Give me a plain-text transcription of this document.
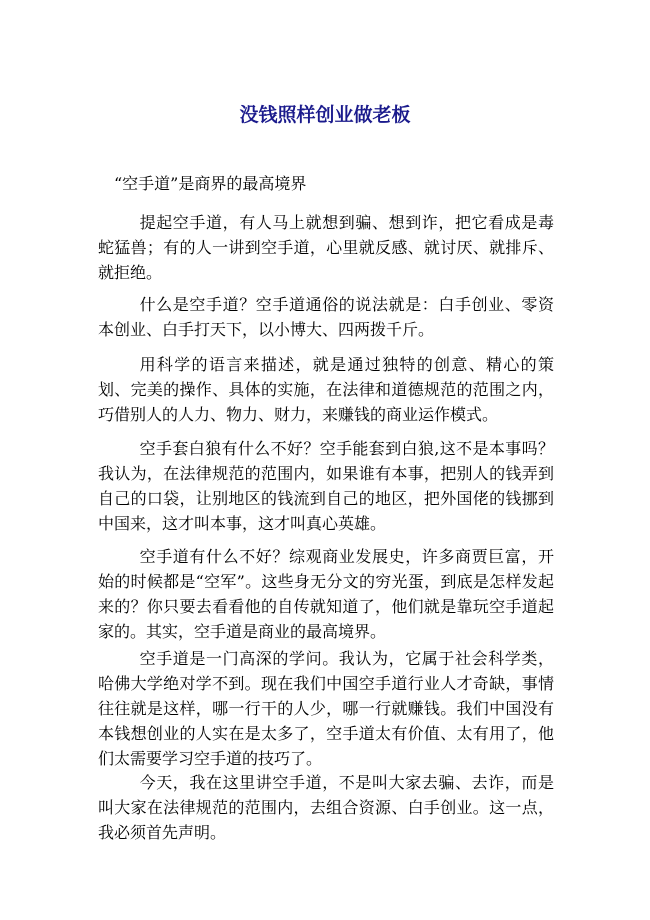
没钱照样创业做老板
“空手道”是商界的最高境界

提起空手道，有人马上就想到骗、想到诈，把它看成是毒蛇猛兽；有的人一讲到空手道，心里就反感、就讨厌、就排斥、就拒绝。

什么是空手道？空手道通俗的说法就是：白手创业、零资本创业、白手打天下，以小博大、四两拨千斤。

用科学的语言来描述，就是通过独特的创意、精心的策划、完美的操作、具体的实施，在法律和道德规范的范围之内，巧借别人的人力、物力、财力，来赚钱的商业运作模式。

空手套白狼有什么不好？空手能套到白狼,这不是本事吗？我认为，在法律规范的范围内，如果谁有本事，把别人的钱弄到自己的口袋，让别地区的钱流到自己的地区，把外国佬的钱挪到中国来，这才叫本事，这才叫真心英雄。

空手道有什么不好？综观商业发展史，许多商贾巨富，开始的时候都是“空军”。这些身无分文的穷光蛋，到底是怎样发起来的？你只要去看看他的自传就知道了，他们就是靠玩空手道起家的。其实，空手道是商业的最高境界。

空手道是一门高深的学问。我认为，它属于社会科学类，哈佛大学绝对学不到。现在我们中国空手道行业人才奇缺，事情往往就是这样，哪一行干的人少，哪一行就赚钱。我们中国没有本钱想创业的人实在是太多了，空手道太有价值、太有用了，他们太需要学习空手道的技巧了。

今天，我在这里讲空手道，不是叫大家去骗、去诈，而是叫大家在法律规范的范围内，去组合资源、白手创业。这一点，我必须首先声明。
